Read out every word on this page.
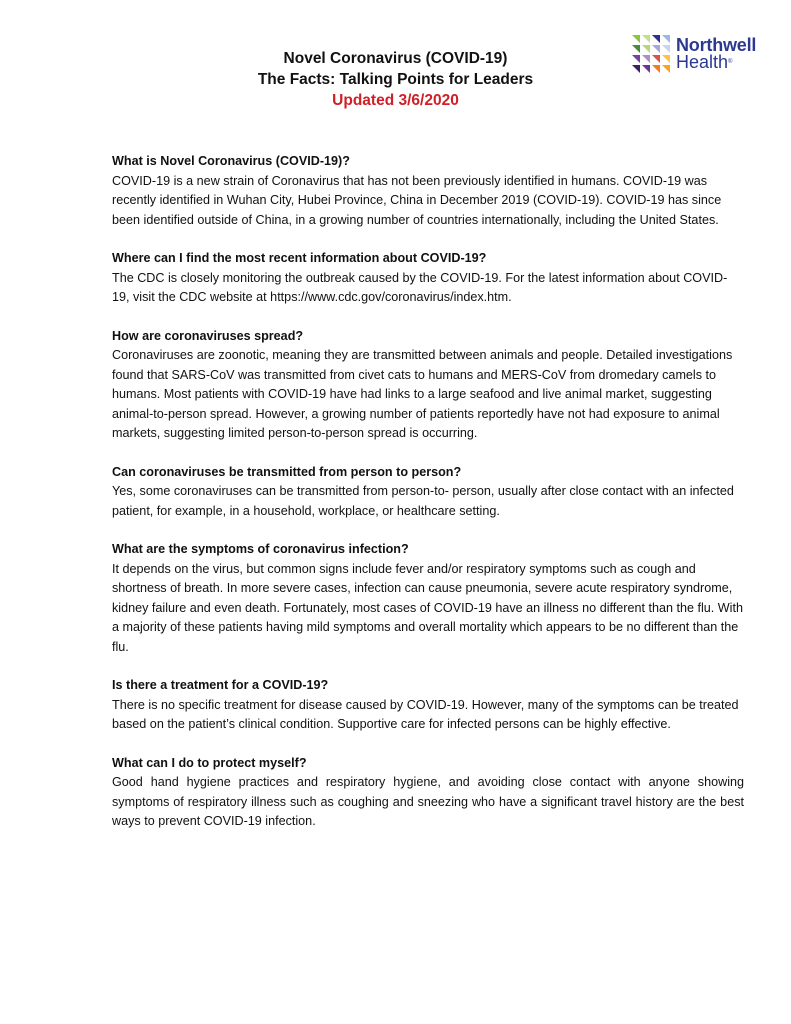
Novel Coronavirus (COVID-19)
The Facts: Talking Points for Leaders
Updated 3/6/2020
Northwell
Health®
What is Novel Coronavirus (COVID-19)?
COVID-19 is a new strain of Coronavirus that has not been previously identified in humans. COVID-19 was recently identified in Wuhan City, Hubei Province, China in December 2019 (COVID-19). COVID-19 has since been identified outside of China, in a growing number of countries internationally, including the United States.
Where can I find the most recent information about COVID-19?
The CDC is closely monitoring the outbreak caused by the COVID-19. For the latest information about COVID-19, visit the CDC website at https://www.cdc.gov/coronavirus/index.htm.
How are coronaviruses spread?
Coronaviruses are zoonotic, meaning they are transmitted between animals and people. Detailed investigations found that SARS-CoV was transmitted from civet cats to humans and MERS-CoV from dromedary camels to humans. Most patients with COVID-19 have had links to a large seafood and live animal market, suggesting animal-to-person spread. However, a growing number of patients reportedly have not had exposure to animal markets, suggesting limited person-to-person spread is occurring.
Can coronaviruses be transmitted from person to person?
Yes, some coronaviruses can be transmitted from person-to- person, usually after close contact with an infected patient, for example, in a household, workplace, or healthcare setting.
What are the symptoms of coronavirus infection?
It depends on the virus, but common signs include fever and/or respiratory symptoms such as cough and shortness of breath. In more severe cases, infection can cause pneumonia, severe acute respiratory syndrome, kidney failure and even death. Fortunately, most cases of COVID-19 have an illness no different than the flu. With a majority of these patients having mild symptoms and overall mortality which appears to be no different than the flu.
Is there a treatment for a COVID-19?
There is no specific treatment for disease caused by COVID-19. However, many of the symptoms can be treated based on the patient’s clinical condition. Supportive care for infected persons can be highly effective.
What can I do to protect myself?
Good hand hygiene practices and respiratory hygiene, and avoiding close contact with anyone showing symptoms of respiratory illness such as coughing and sneezing who have a significant travel history are the best ways to prevent COVID-19 infection.
